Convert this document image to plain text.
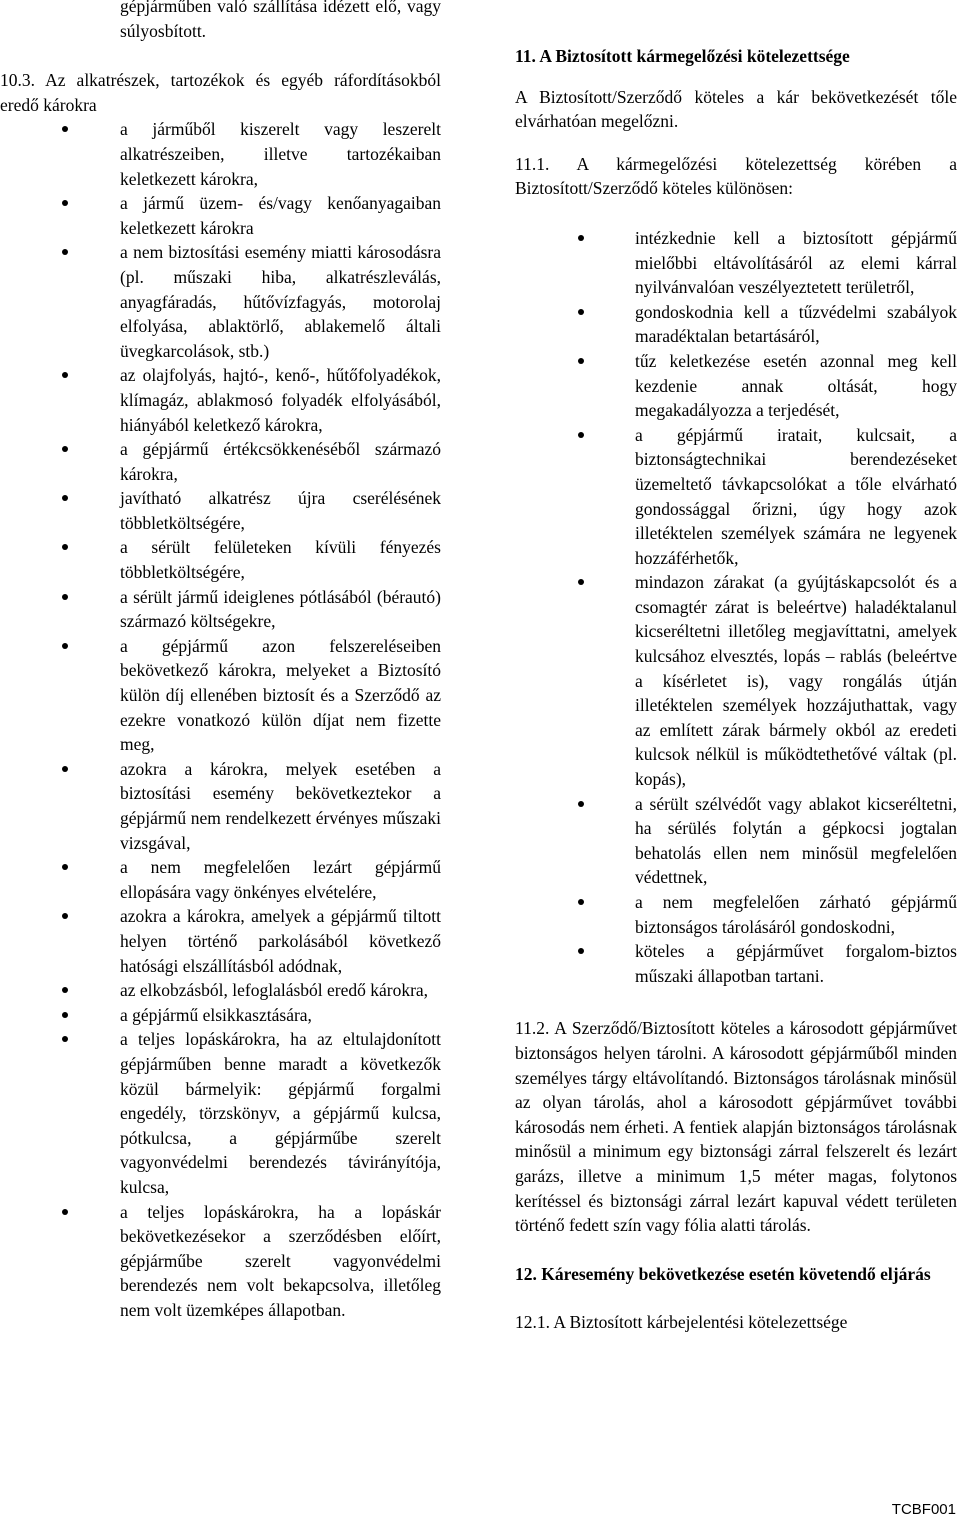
gépjárműben való szállítása idézett elő, vagy súlyosbított.

10.3. Az alkatrészek, tartozékok és egyéb ráfordításokból eredő károkra

a járműből kiszerelt vagy leszerelt alkatrészeiben, illetve tartozékaiban keletkezett károkra,
a jármű üzem- és/vagy kenőanyagaiban keletkezett károkra
a nem biztosítási esemény miatti károsodásra (pl. műszaki hiba, alkatrészleválás, anyagfáradás, hűtővízfagyás, motorolaj elfolyása, ablaktörlő, ablakemelő általi üvegkarcolások, stb.)
az olajfolyás, hajtó-, kenő-, hűtőfolyadékok, klímagáz, ablakmosó folyadék elfolyásából, hiányából keletkező károkra,
a gépjármű értékcsökkenéséből származó károkra,
javítható alkatrész újra cserélésének többletköltségére,
a sérült felületeken kívüli fényezés többletköltségére,
a sérült jármű ideiglenes pótlásából (bérautó) származó költségekre,
a gépjármű azon felszereléseiben bekövetkező károkra, melyeket a Biztosító külön díj ellenében biztosít és a Szerződő az ezekre vonatkozó külön díjat nem fizette meg,
azokra a károkra, melyek esetében a biztosítási esemény bekövetkeztekor a gépjármű nem rendelkezett érvényes műszaki vizsgával,
a nem megfelelően lezárt gépjármű ellopására vagy önkényes elvételére,
azokra a károkra, amelyek a gépjármű tiltott helyen történő parkolásából következő hatósági elszállításból adódnak,
az elkobzásból, lefoglalásból eredő károkra,
a gépjármű elsikkasztására,
a teljes lopáskárokra, ha az eltulajdonított gépjárműben benne maradt a következők közül bármelyik: gépjármű forgalmi engedély, törzskönyv, a gépjármű kulcsa, pótkulcsa, a gépjárműbe szerelt vagyonvédelmi berendezés távirányítója, kulcsa,
a teljes lopáskárokra, ha a lopáskár bekövetkezésekor a szerződésben előírt, gépjárműbe szerelt vagyonvédelmi berendezés nem volt bekapcsolva, illetőleg nem volt üzemképes állapotban.

11. A Biztosított kármegelőzési kötelezettsége

A Biztosított/Szerződő köteles a kár bekövetkezését tőle elvárhatóan megelőzni.

11.1. A kármegelőzési kötelezettség körében a Biztosított/Szerződő köteles különösen:

intézkednie kell a biztosított gépjármű mielőbbi eltávolításáról az elemi kárral nyilvánvalóan veszélyeztetett területről,
gondoskodnia kell a tűzvédelmi szabályok maradéktalan betartásáról,
tűz keletkezése esetén azonnal meg kell kezdenie annak oltását, hogy megakadályozza a terjedését,
a gépjármű iratait, kulcsait, a biztonságtechnikai berendezéseket üzemeltető távkapcsolókat a tőle elvárható gondossággal őrizni, úgy hogy azok illetéktelen személyek számára ne legyenek hozzáférhetők,
mindazon zárakat (a gyújtáskapcsolót és a csomagtér zárat is beleértve) haladéktalanul kicseréltetni illetőleg megjavíttatni, amelyek kulcsához elvesztés, lopás – rablás (beleértve a kísérletet is), vagy rongálás útján illetéktelen személyek hozzájuthattak, vagy az említett zárak bármely okból az eredeti kulcsok nélkül is működtethetővé váltak (pl. kopás),
a sérült szélvédőt vagy ablakot kicseréltetni, ha sérülés folytán a gépkocsi jogtalan behatolás ellen nem minősül megfelelően védettnek,
a nem megfelelően zárható gépjármű biztonságos tárolásáról gondoskodni,
köteles a gépjárművet forgalom-biztos műszaki állapotban tartani.

11.2. A Szerződő/Biztosított köteles a károsodott gépjárművet biztonságos helyen tárolni. A károsodott gépjárműből minden személyes tárgy eltávolítandó. Biztonságos tárolásnak minősül az olyan tárolás, ahol a károsodott gépjárművet további károsodás nem érheti. A fentiek alapján biztonságos tárolásnak minősül a minimum egy biztonsági zárral felszerelt és lezárt garázs, illetve a minimum 1,5 méter magas, folytonos kerítéssel és biztonsági zárral lezárt kapuval védett területen történő fedett szín vagy fólia alatti tárolás.

12. Káresemény bekövetkezése esetén követendő eljárás

12.1. A Biztosított kárbejelentési kötelezettsége

TCBF001
